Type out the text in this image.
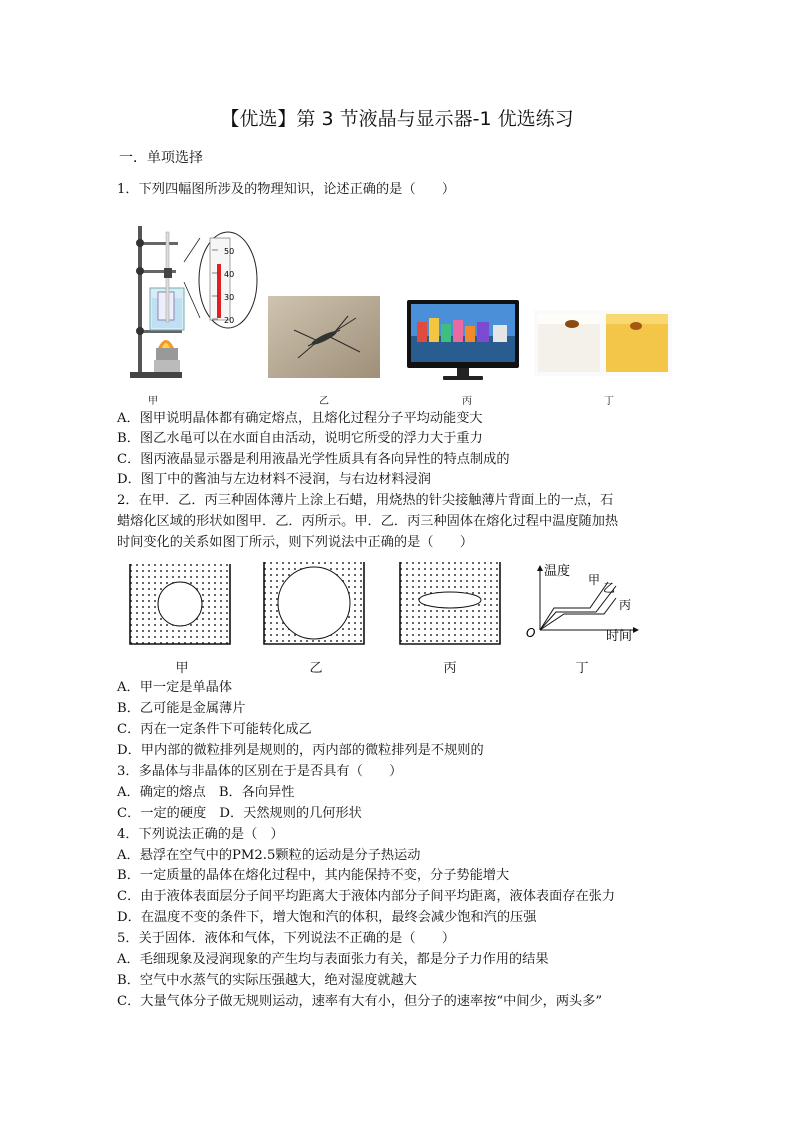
【优选】第 3 节液晶与显示器-1 优选练习
一．单项选择
1．下列四幅图所涉及的物理知识，论述正确的是（　　）
50
40
30
20
甲	乙	丙	丁
A．图甲说明晶体都有确定熔点，且熔化过程分子平均动能变大
B．图乙水黾可以在水面自由活动，说明它所受的浮力大于重力
C．图丙液晶显示器是利用液晶光学性质具有各向异性的特点制成的
D．图丁中的酱油与左边材料不浸润，与右边材料浸润
2．在甲．乙．丙三种固体薄片上涂上石蜡，用烧热的针尖接触薄片背面上的一点，石
蜡熔化区域的形状如图甲．乙．丙所示。甲．乙．丙三种固体在熔化过程中温度随加热
时间变化的关系如图丁所示，则下列说法中正确的是（　　）
甲	乙	丙
温度
时间
O
甲
乙
丙
丁
A．甲一定是单晶体
B．乙可能是金属薄片
C．丙在一定条件下可能转化成乙
D．甲内部的微粒排列是规则的，丙内部的微粒排列是不规则的
3．多晶体与非晶体的区别在于是否具有（　　）
A．确定的熔点　B．各向异性
C．一定的硬度　D．天然规则的几何形状
4．下列说法正确的是（　）
A．悬浮在空气中的PM2.5颗粒的运动是分子热运动
B．一定质量的晶体在熔化过程中，其内能保持不变，分子势能增大
C．由于液体表面层分子间平均距离大于液体内部分子间平均距离，液体表面存在张力
D．在温度不变的条件下，增大饱和汽的体积，最终会减少饱和汽的压强
5．关于固体．液体和气体，下列说法不正确的是（　　）
A．毛细现象及浸润现象的产生均与表面张力有关，都是分子力作用的结果
B．空气中水蒸气的实际压强越大，绝对湿度就越大
C．大量气体分子做无规则运动，速率有大有小，但分子的速率按“中间少，两头多”
